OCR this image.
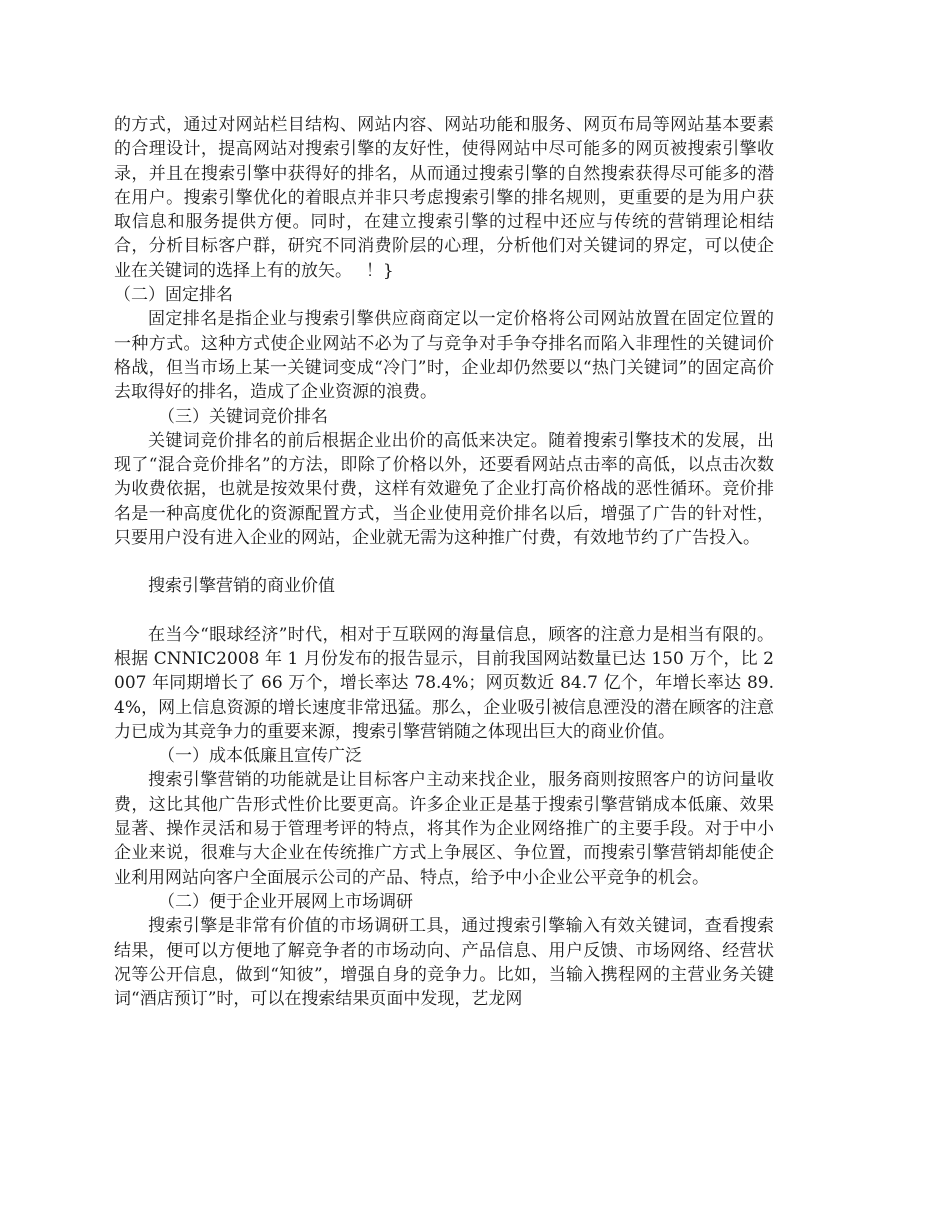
的方式，通过对网站栏目结构、网站内容、网站功能和服务、网页布局等网站基本要素的合理设计，提高网站对搜索引擎的友好性，使得网站中尽可能多的网页被搜索引擎收录，并且在搜索引擎中获得好的排名，从而通过搜索引擎的自然搜索获得尽可能多的潜在用户。搜索引擎优化的着眼点并非只考虑搜索引擎的排名规则，更重要的是为用户获取信息和服务提供方便。同时，在建立搜索引擎的过程中还应与传统的营销理论相结合，分析目标客户群，研究不同消费阶层的心理，分析他们对关键词的界定，可以使企业在关键词的选择上有的放矢。　 ！}

（二）固定排名

固定排名是指企业与搜索引擎供应商商定以一定价格将公司网站放置在固定位置的一种方式。这种方式使企业网站不必为了与竞争对手争夺排名而陷入非理性的关键词价格战，但当市场上某一关键词变成“冷门”时，企业却仍然要以“热门关键词”的固定高价去取得好的排名，造成了企业资源的浪费。

（三）关键词竞价排名

关键词竞价排名的前后根据企业出价的高低来决定。随着搜索引擎技术的发展，出现了“混合竞价排名”的方法，即除了价格以外，还要看网站点击率的高低，以点击次数为收费依据，也就是按效果付费，这样有效避免了企业打高价格战的恶性循环。竞价排名是一种高度优化的资源配置方式，当企业使用竞价排名以后，增强了广告的针对性，只要用户没有进入企业的网站，企业就无需为这种推广付费，有效地节约了广告投入。

搜索引擎营销的商业价值

在当今“眼球经济”时代，相对于互联网的海量信息，顾客的注意力是相当有限的。根据 CNNIC2008 年 1 月份发布的报告显示，目前我国网站数量已达 150 万个，比 2007 年同期增长了 66 万个，增长率达 78.4%；网页数近 84.7 亿个，年增长率达 89.4%，网上信息资源的增长速度非常迅猛。那么，企业吸引被信息湮没的潜在顾客的注意力已成为其竞争力的重要来源，搜索引擎营销随之体现出巨大的商业价值。

（一）成本低廉且宣传广泛

搜索引擎营销的功能就是让目标客户主动来找企业，服务商则按照客户的访问量收费，这比其他广告形式性价比要更高。许多企业正是基于搜索引擎营销成本低廉、效果显著、操作灵活和易于管理考评的特点，将其作为企业网络推广的主要手段。对于中小企业来说，很难与大企业在传统推广方式上争展区、争位置，而搜索引擎营销却能使企业利用网站向客户全面展示公司的产品、特点，给予中小企业公平竞争的机会。

（二）便于企业开展网上市场调研

搜索引擎是非常有价值的市场调研工具，通过搜索引擎输入有效关键词，查看搜索结果，便可以方便地了解竞争者的市场动向、产品信息、用户反馈、市场网络、经营状况等公开信息，做到“知彼”，增强自身的竞争力。比如，当输入携程网的主营业务关键词“酒店预订”时，可以在搜索结果页面中发现，艺龙网
